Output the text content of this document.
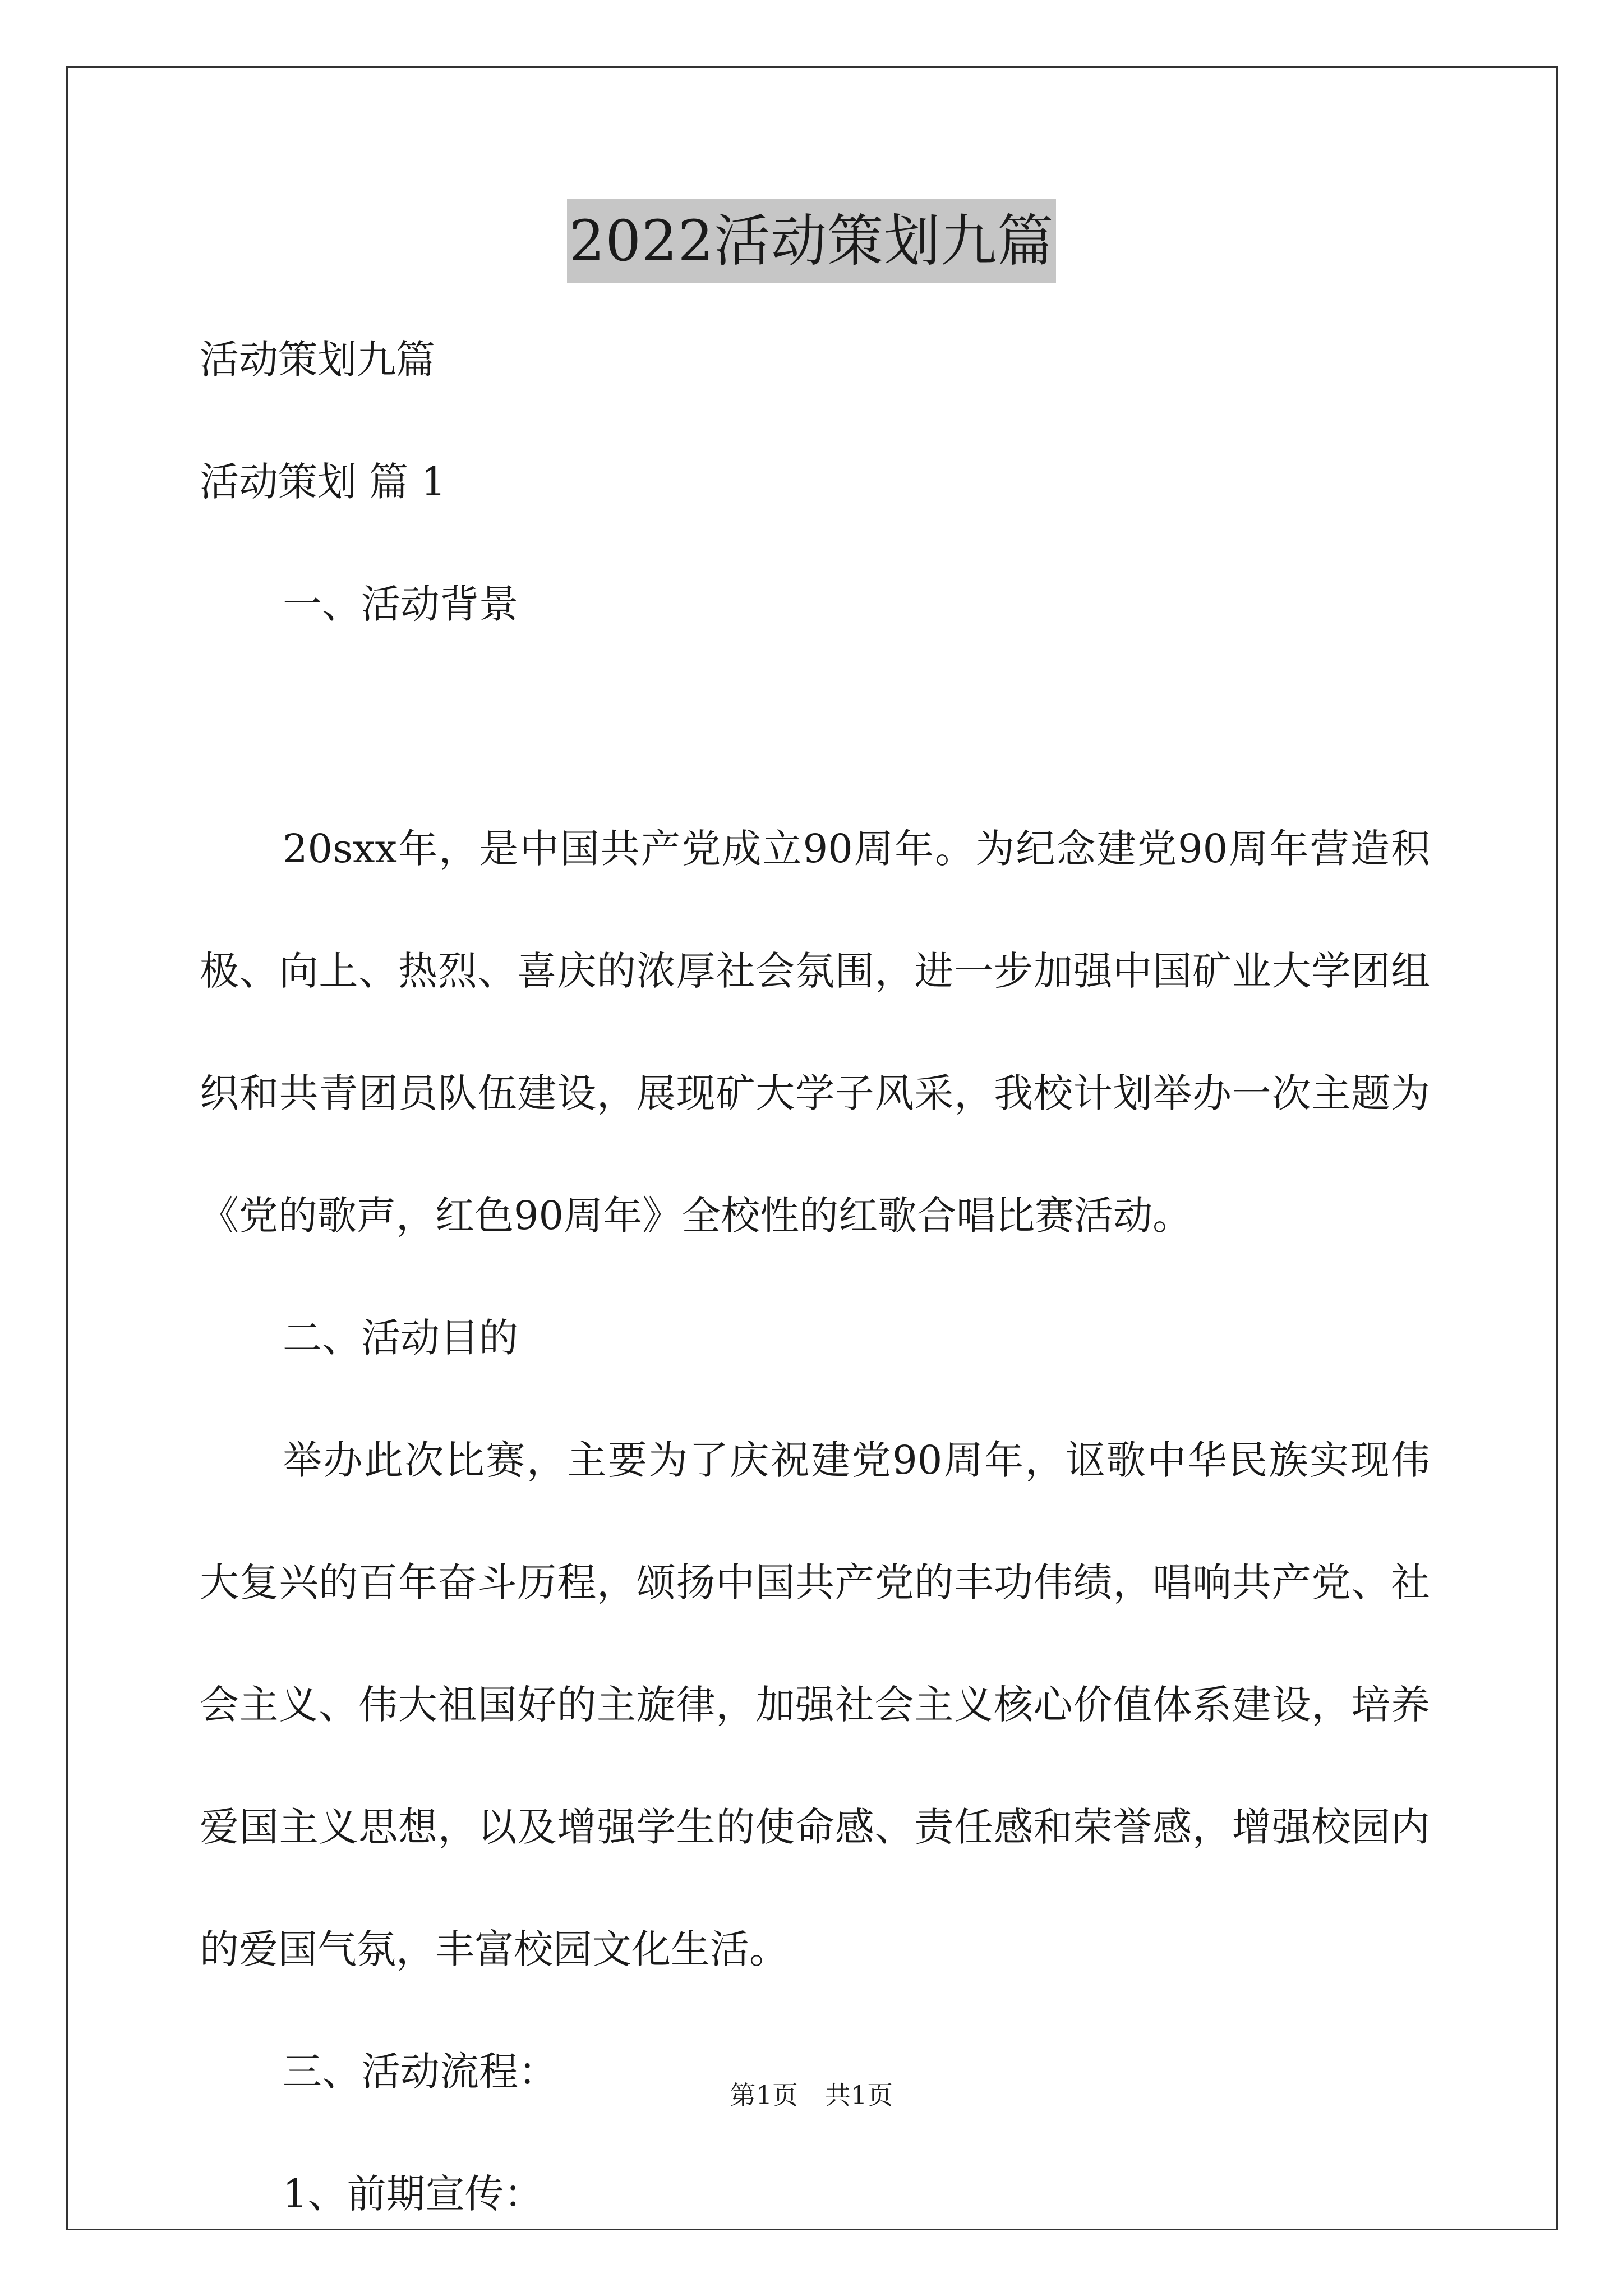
2022活动策划九篇

活动策划九篇

活动策划 篇 1

一、活动背景

20sxx年，是中国共产党成立90周年。为纪念建党90周年营造积极、向上、热烈、喜庆的浓厚社会氛围，进一步加强中国矿业大学团组织和共青团员队伍建设，展现矿大学子风采，我校计划举办一次主题为《党的歌声，红色90周年》全校性的红歌合唱比赛活动。

二、活动目的

举办此次比赛，主要为了庆祝建党90周年，讴歌中华民族实现伟大复兴的百年奋斗历程，颂扬中国共产党的丰功伟绩，唱响共产党、社会主义、伟大祖国好的主旋律，加强社会主义核心价值体系建设，培养爱国主义思想，以及增强学生的使命感、责任感和荣誉感，增强校园内的爱国气氛，丰富校园文化生活。

三、活动流程：

1、前期宣传：

第1页 共1页
